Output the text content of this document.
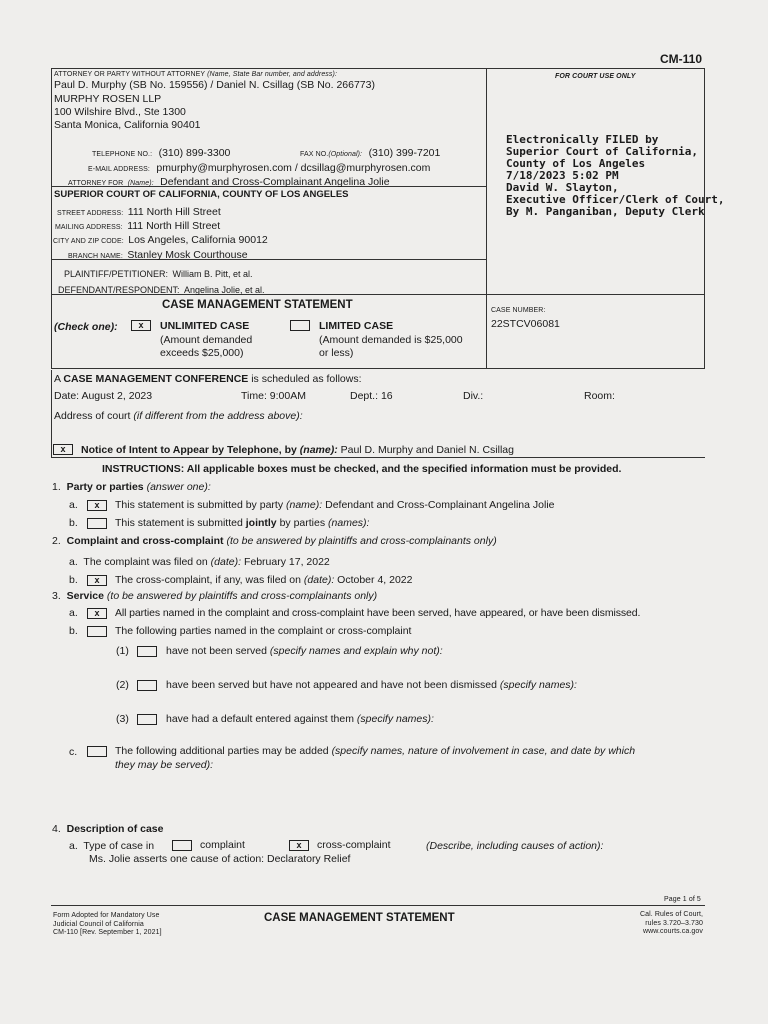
CM-110
ATTORNEY OR PARTY WITHOUT ATTORNEY (Name, State Bar number, and address):
Paul D. Murphy (SB No. 159556) / Daniel N. Csillag (SB No. 266773)
MURPHY ROSEN LLP
100 Wilshire Blvd., Ste 1300
Santa Monica, California 90401
TELEPHONE NO.: (310) 899-3300	FAX NO.(Optional): (310) 399-7201
E-MAIL ADDRESS: pmurphy@murphyrosen.com / dcsillag@murphyrosen.com
ATTORNEY FOR (Name): Defendant and Cross-Complainant Angelina Jolie
FOR COURT USE ONLY
Electronically FILED by
Superior Court of California,
County of Los Angeles
7/18/2023 5:02 PM
David W. Slayton,
Executive Officer/Clerk of Court,
By M. Panganiban, Deputy Clerk
SUPERIOR COURT OF CALIFORNIA, COUNTY OF LOS ANGELES
STREET ADDRESS: 111 North Hill Street
MAILING ADDRESS: 111 North Hill Street
CITY AND ZIP CODE: Los Angeles, California 90012
BRANCH NAME: Stanley Mosk Courthouse
PLAINTIFF/PETITIONER: William B. Pitt, et al.
DEFENDANT/RESPONDENT: Angelina Jolie, et al.
CASE MANAGEMENT STATEMENT
(Check one):	x	UNLIMITED CASE
(Amount demanded
exceeds $25,000)
LIMITED CASE
(Amount demanded is $25,000
or less)
CASE NUMBER:
22STCV06081
A CASE MANAGEMENT CONFERENCE is scheduled as follows:
Date: August 2, 2023	Time: 9:00AM	Dept.: 16	Div.:	Room:
Address of court (if different from the address above):
x	Notice of Intent to Appear by Telephone, by (name): Paul D. Murphy and Daniel N. Csillag
INSTRUCTIONS: All applicable boxes must be checked, and the specified information must be provided.
1. Party or parties (answer one):
a.	x	This statement is submitted by party (name): Defendant and Cross-Complainant Angelina Jolie
b.	This statement is submitted jointly by parties (names):
2. Complaint and cross-complaint (to be answered by plaintiffs and cross-complainants only)
a. The complaint was filed on (date): February 17, 2022
b.	x	The cross-complaint, if any, was filed on (date): October 4, 2022
3. Service (to be answered by plaintiffs and cross-complainants only)
a.	x	All parties named in the complaint and cross-complaint have been served, have appeared, or have been dismissed.
b.	The following parties named in the complaint or cross-complaint
(1)	have not been served (specify names and explain why not):
(2)	have been served but have not appeared and have not been dismissed (specify names):
(3)	have had a default entered against them (specify names):
c.	The following additional parties may be added (specify names, nature of involvement in case, and date by which
they may be served):
4. Description of case
a. Type of case in	complaint	x	cross-complaint	(Describe, including causes of action):
Ms. Jolie asserts one cause of action: Declaratory Relief
Page 1 of 5
Form Adopted for Mandatory Use
Judicial Council of California
CM-110 [Rev. September 1, 2021]
CASE MANAGEMENT STATEMENT	Cal. Rules of Court,
rules 3.720–3.730
www.courts.ca.gov
